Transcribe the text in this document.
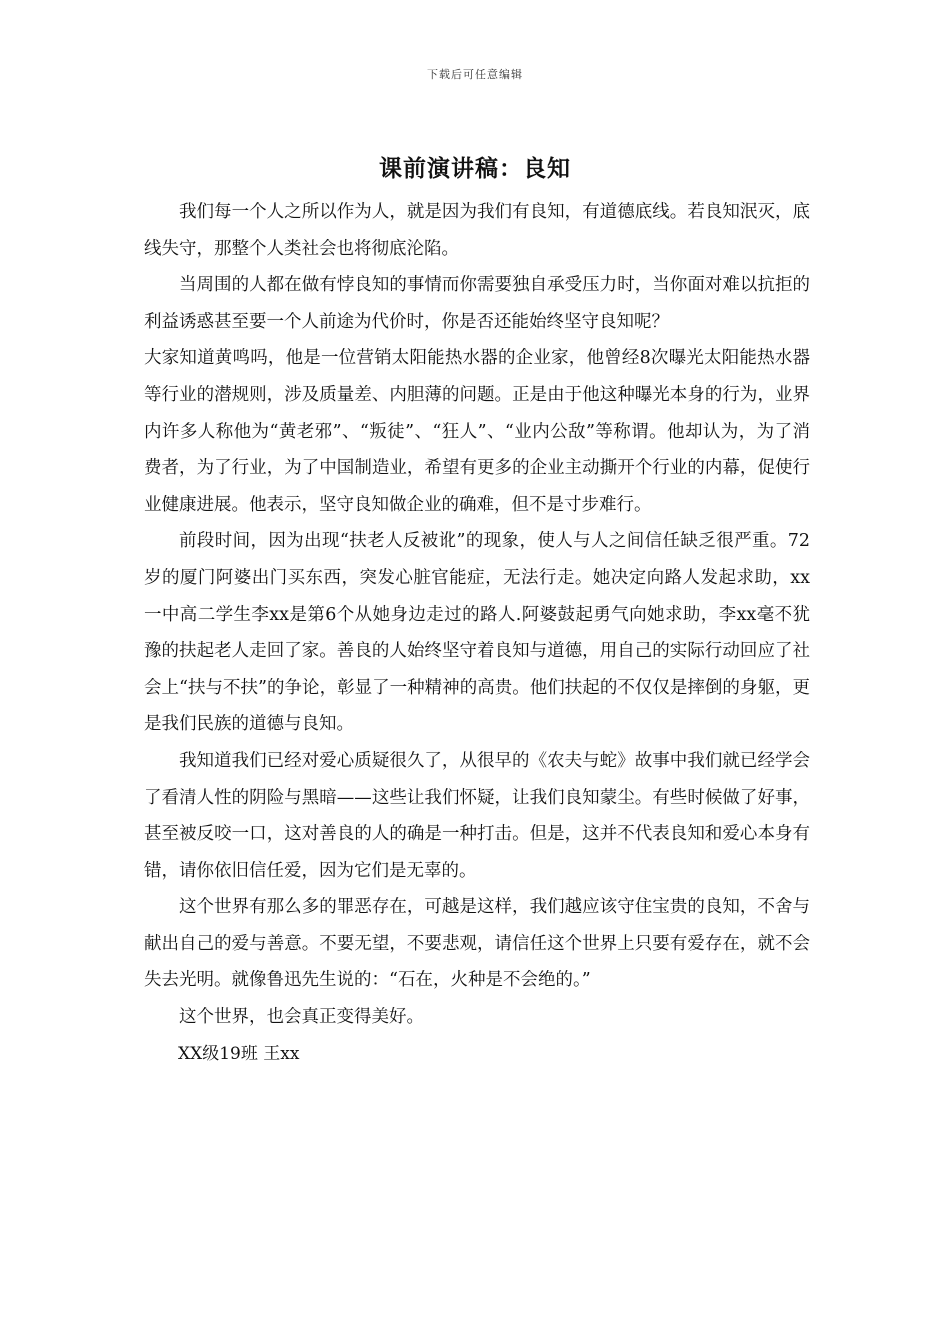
下载后可任意编辑
课前演讲稿：良知

我们每一个人之所以作为人，就是因为我们有良知，有道德底线。若良知泯灭，底线失守，那整个人类社会也将彻底沦陷。

当周围的人都在做有悖良知的事情而你需要独自承受压力时，当你面对难以抗拒的利益诱惑甚至要一个人前途为代价时，你是否还能始终坚守良知呢？

大家知道黄鸣吗，他是一位营销太阳能热水器的企业家，他曾经8次曝光太阳能热水器等行业的潜规则，涉及质量差、内胆薄的问题。正是由于他这种曝光本身的行为，业界内许多人称他为“黄老邪”、“叛徒”、“狂人”、“业内公敌”等称谓。他却认为，为了消费者，为了行业，为了中国制造业，希望有更多的企业主动撕开个行业的内幕，促使行业健康进展。他表示，坚守良知做企业的确难，但不是寸步难行。

前段时间，因为出现“扶老人反被讹”的现象，使人与人之间信任缺乏很严重。72岁的厦门阿婆出门买东西，突发心脏官能症，无法行走。她决定向路人发起求助，xx一中高二学生李xx是第6个从她身边走过的路人.阿婆鼓起勇气向她求助，李xx毫不犹豫的扶起老人走回了家。善良的人始终坚守着良知与道德，用自己的实际行动回应了社会上“扶与不扶”的争论，彰显了一种精神的高贵。他们扶起的不仅仅是摔倒的身躯，更是我们民族的道德与良知。

我知道我们已经对爱心质疑很久了，从很早的《农夫与蛇》故事中我们就已经学会了看清人性的阴险与黑暗——这些让我们怀疑，让我们良知蒙尘。有些时候做了好事，甚至被反咬一口，这对善良的人的确是一种打击。但是，这并不代表良知和爱心本身有错，请你依旧信任爱，因为它们是无辜的。

这个世界有那么多的罪恶存在，可越是这样，我们越应该守住宝贵的良知，不舍与献出自己的爱与善意。不要无望，不要悲观，请信任这个世界上只要有爱存在，就不会失去光明。就像鲁迅先生说的：“石在，火种是不会绝的。”

这个世界，也会真正变得美好。

XX级19班 王xx
